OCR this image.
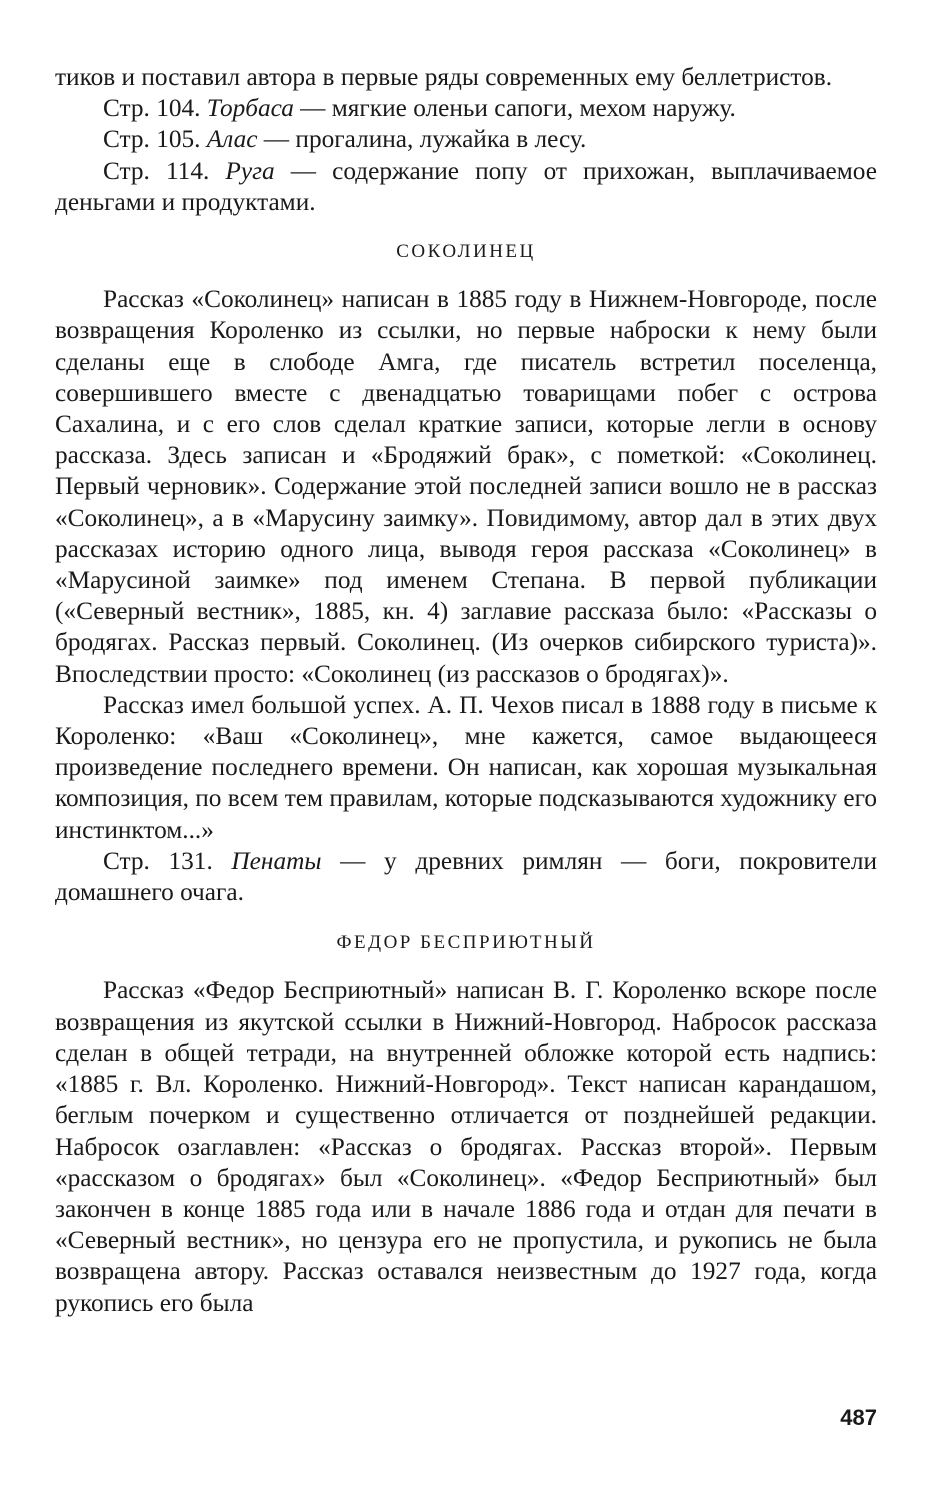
тиков и поставил автора в первые ряды современных ему беллетристов.

Стр. 104. Торбаса — мягкие оленьи сапоги, мехом наружу.

Стр. 105. Алас — прогалина, лужайка в лесу.

Стр. 114. Руга — содержание попу от прихожан, выплачиваемое деньгами и продуктами.

СОКОЛИНЕЦ

Рассказ «Соколинец» написан в 1885 году в Нижнем-Новгороде, после возвращения Короленко из ссылки, но первые наброски к нему были сделаны еще в слободе Амга, где писатель встретил поселенца, совершившего вместе с двенадцатью товарищами побег с острова Сахалина, и с его слов сделал краткие записи, которые легли в основу рассказа. Здесь записан и «Бродяжий брак», с пометкой: «Соколинец. Первый черновик». Содержание этой последней записи вошло не в рассказ «Соколинец», а в «Марусину заимку». Повидимому, автор дал в этих двух рассказах историю одного лица, выводя героя рассказа «Соколинец» в «Марусиной заимке» под именем Степана. В первой публикации («Северный вестник», 1885, кн. 4) заглавие рассказа было: «Рассказы о бродягах. Рассказ первый. Соколинец. (Из очерков сибирского туриста)». Впоследствии просто: «Соколинец (из рассказов о бродягах)».

Рассказ имел большой успех. А. П. Чехов писал в 1888 году в письме к Короленко: «Ваш «Соколинец», мне кажется, самое выдающееся произведение последнего времени. Он написан, как хорошая музыкальная композиция, по всем тем правилам, которые подсказываются художнику его инстинктом...»

Стр. 131. Пенаты — у древних римлян — боги, покровители домашнего очага.

ФЕДОР БЕСПРИЮТНЫЙ

Рассказ «Федор Бесприютный» написан В. Г. Короленко вскоре после возвращения из якутской ссылки в Нижний-Новгород. Набросок рассказа сделан в общей тетради, на внутренней обложке которой есть надпись: «1885 г. Вл. Короленко. Нижний-Новгород». Текст написан карандашом, беглым почерком и существенно отличается от позднейшей редакции. Набросок озаглавлен: «Рассказ о бродягах. Рассказ второй». Первым «рассказом о бродягах» был «Соколинец». «Федор Бесприютный» был закончен в конце 1885 года или в начале 1886 года и отдан для печати в «Северный вестник», но цензура его не пропустила, и рукопись не была возвращена автору. Рассказ оставался неизвестным до 1927 года, когда рукопись его была

487
